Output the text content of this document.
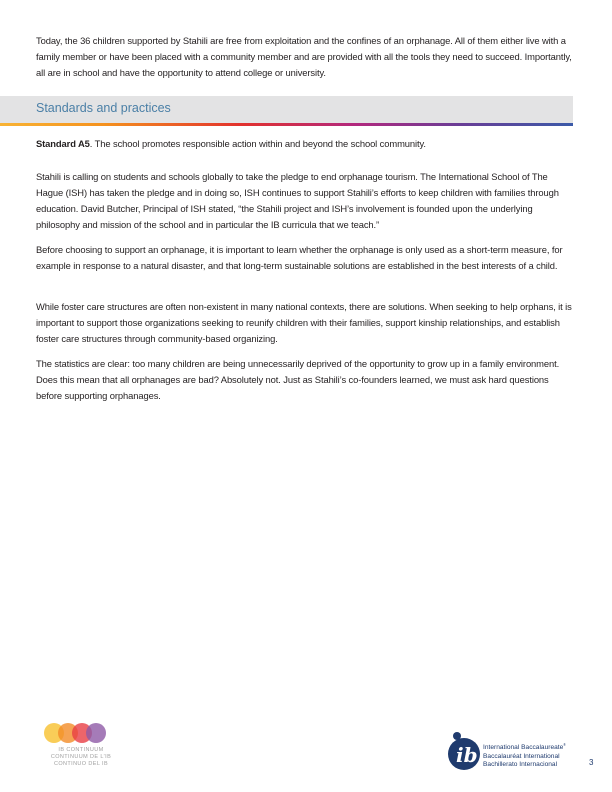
Today, the 36 children supported by Stahili are free from exploitation and the confines of an orphanage. All of them either live with a family member or have been placed with a community member and are provided with all the tools they need to succeed. Importantly, all are in school and have the opportunity to attend college or university.

Standards and practices

Standard A5. The school promotes responsible action within and beyond the school community.

Stahili is calling on students and schools globally to take the pledge to end orphanage tourism. The International School of The Hague (ISH) has taken the pledge and in doing so, ISH continues to support Stahili’s efforts to keep children with families through education. David Butcher, Principal of ISH stated, “the Stahili project and ISH’s involvement is founded upon the underlying philosophy and mission of the school and in particular the IB curricula that we teach.”

Before choosing to support an orphanage, it is important to learn whether the orphanage is only used as a short-term measure, for example in response to a natural disaster, and that long-term sustainable solutions are established in the best interests of a child.

While foster care structures are often non-existent in many national contexts, there are solutions. When seeking to help orphans, it is important to support those organizations seeking to reunify children with their families, support kinship relationships, and establish foster care structures through community-based organizing.

The statistics are clear: too many children are being unnecessarily deprived of the opportunity to grow up in a family environment. Does this mean that all orphanages are bad? Absolutely not. Just as Stahili’s co-founders learned, we must ask hard questions before supporting orphanages.

IB CONTINUUM
CONTINUUM DE L’IB
CONTINUO DEL IB	ib International Baccalaureate®
Baccalauréat International
Bachillerato Internacional	3
